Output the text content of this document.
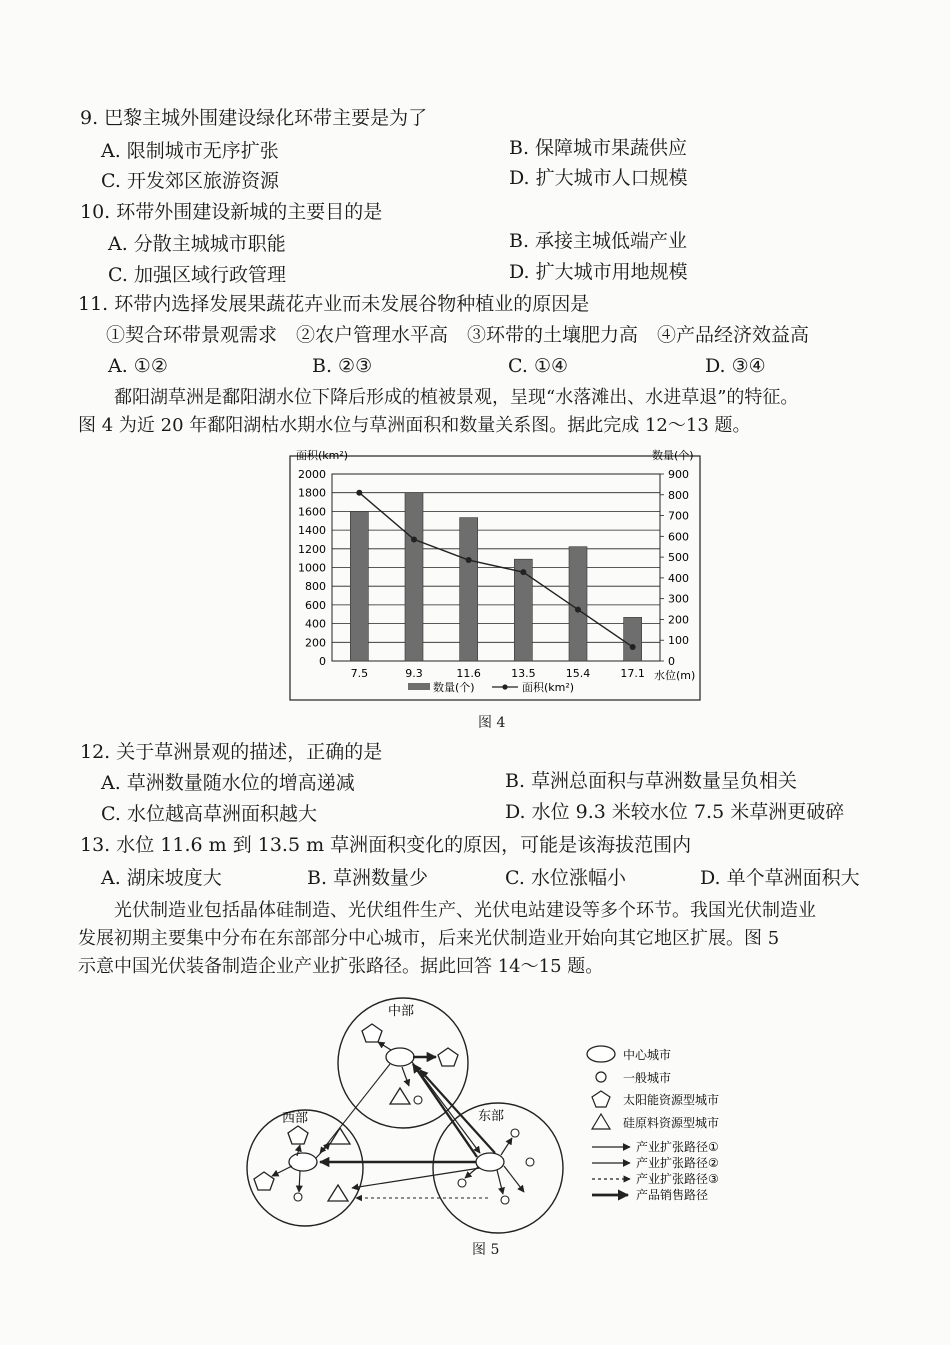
9. 巴黎主城外围建设绿化环带主要是为了
A. 限制城市无序扩张	B. 保障城市果蔬供应
C. 开发郊区旅游资源	D. 扩大城市人口规模
10. 环带外围建设新城的主要目的是
A. 分散主城城市职能	B. 承接主城低端产业
C. 加强区域行政管理	D. 扩大城市用地规模
11. 环带内选择发展果蔬花卉业而未发展谷物种植业的原因是
①契合环带景观需求　②农户管理水平高　③环带的土壤肥力高　④产品经济效益高
A. ①②	B. ②③	C. ①④	D. ③④
鄱阳湖草洲是鄱阳湖水位下降后形成的植被景观，呈现“水落滩出、水进草退”的特征。
图 4 为近 20 年鄱阳湖枯水期水位与草洲面积和数量关系图。据此完成 12～13 题。
面积(km²)	数量(个)
水位(m)
0
200
400
600
800
1000
1200
1400
1600
1800
2000
0
100
200
300
400
500
600
700
800
900
7.5	9.3	11.6	13.5	15.4	17.1
数量(个)	面积(km²)
图 4
12. 关于草洲景观的描述，正确的是
A. 草洲数量随水位的增高递减	B. 草洲总面积与草洲数量呈负相关
C. 水位越高草洲面积越大	D. 水位 9.3 米较水位 7.5 米草洲更破碎
13. 水位 11.6 m 到 13.5 m 草洲面积变化的原因，可能是该海拔范围内
A. 湖床坡度大	B. 草洲数量少	C. 水位涨幅小	D. 单个草洲面积大
光伏制造业包括晶体硅制造、光伏组件生产、光伏电站建设等多个环节。我国光伏制造业
发展初期主要集中分布在东部部分中心城市，后来光伏制造业开始向其它地区扩展。图 5
示意中国光伏装备制造企业产业扩张路径。据此回答 14～15 题。
中部
西部	东部
中心城市
一般城市
太阳能资源型城市
硅原料资源型城市
产业扩张路径①
产业扩张路径②
产业扩张路径③
产品销售路径
图 5
